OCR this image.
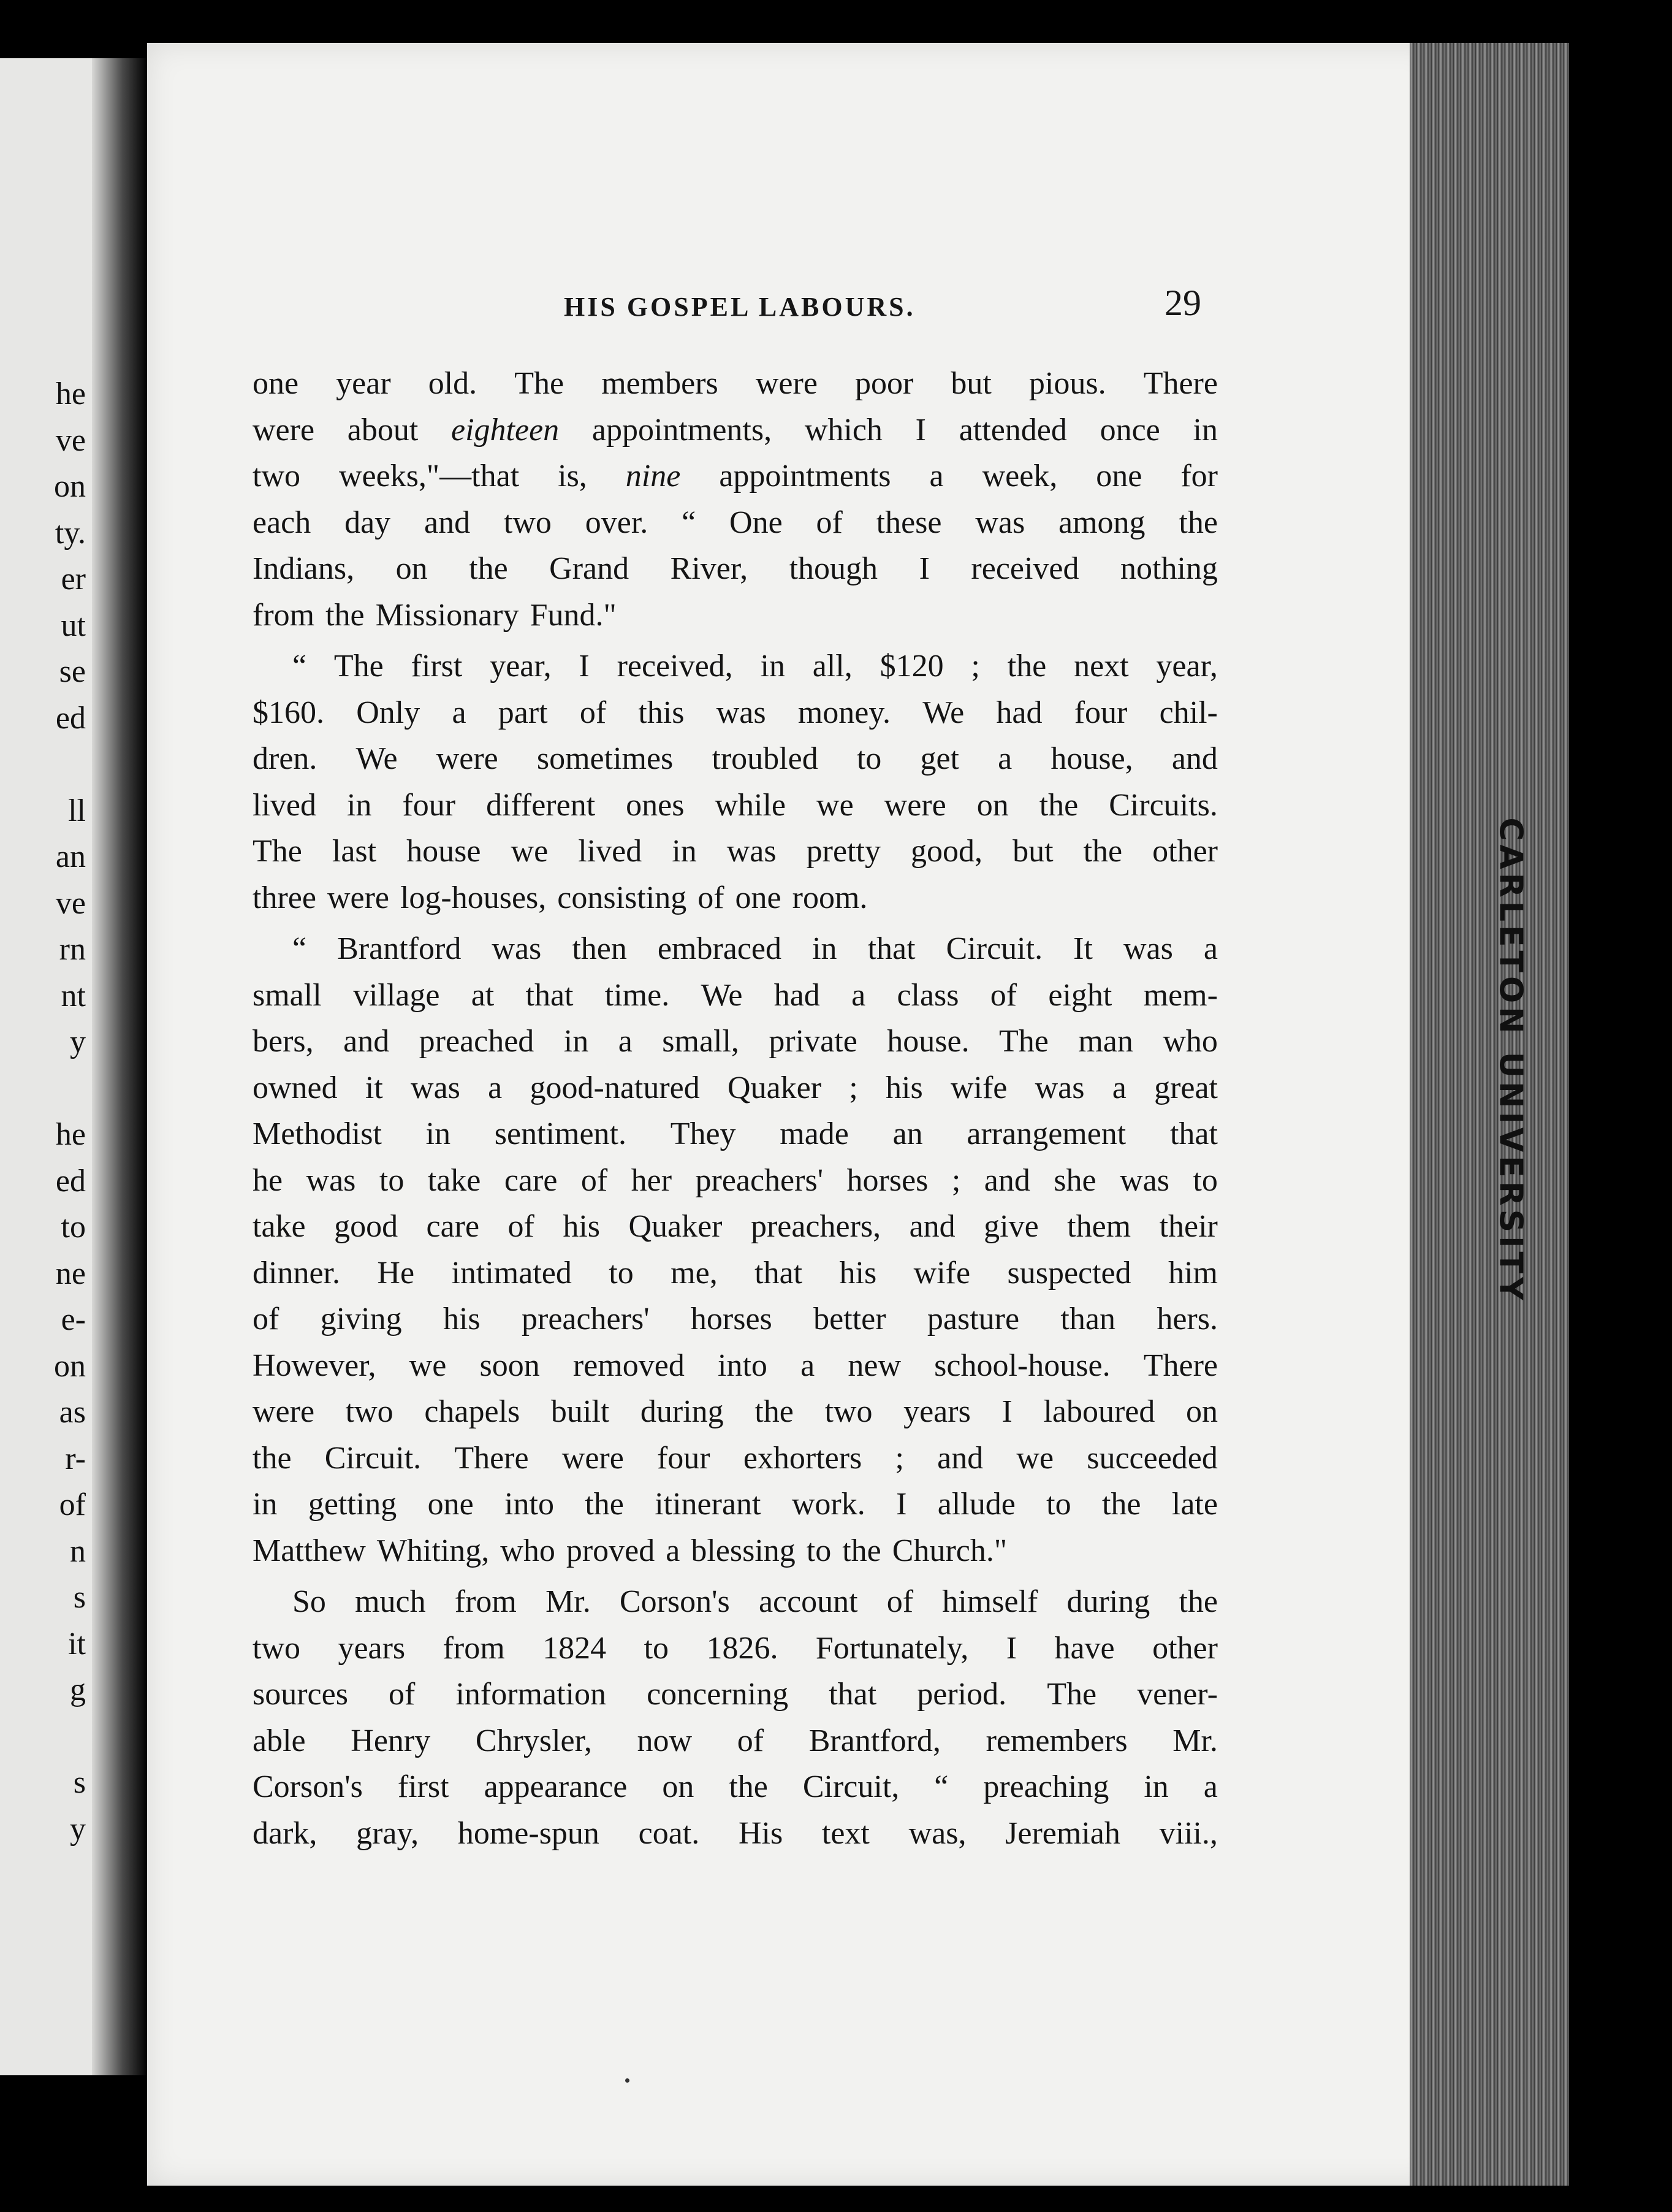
he
ve
on
ty.
er
ut
se
ed
ll
an
ve
rn
nt
y
he
ed
to
ne
e-
on
as
r-
of
n
s
it
g
s
y
CARLETON UNIVERSITY
HIS GOSPEL LABOURS.	29
one year old. The members were poor but pious. There
were about eighteen appointments, which I attended once in
two weeks,"—that is, nine appointments a week, one for
each day and two over. “ One of these was among the
Indians, on the Grand River, though I received nothing
from the Missionary Fund."
“ The first year, I received, in all, $120 ; the next year,
$160. Only a part of this was money. We had four chil-
dren. We were sometimes troubled to get a house, and
lived in four different ones while we were on the Circuits.
The last house we lived in was pretty good, but the other
three were log-houses, consisting of one room.
“ Brantford was then embraced in that Circuit. It was a
small village at that time. We had a class of eight mem-
bers, and preached in a small, private house. The man who
owned it was a good-natured Quaker ; his wife was a great
Methodist in sentiment. They made an arrangement that
he was to take care of her preachers' horses ; and she was to
take good care of his Quaker preachers, and give them their
dinner. He intimated to me, that his wife suspected him
of giving his preachers' horses better pasture than hers.
However, we soon removed into a new school-house. There
were two chapels built during the two years I laboured on
the Circuit. There were four exhorters ; and we succeeded
in getting one into the itinerant work. I allude to the late
Matthew Whiting, who proved a blessing to the Church."
So much from Mr. Corson's account of himself during the
two years from 1824 to 1826. Fortunately, I have other
sources of information concerning that period. The vener-
able Henry Chrysler, now of Brantford, remembers Mr.
Corson's first appearance on the Circuit, “ preaching in a
dark, gray, home-spun coat. His text was, Jeremiah viii.,
